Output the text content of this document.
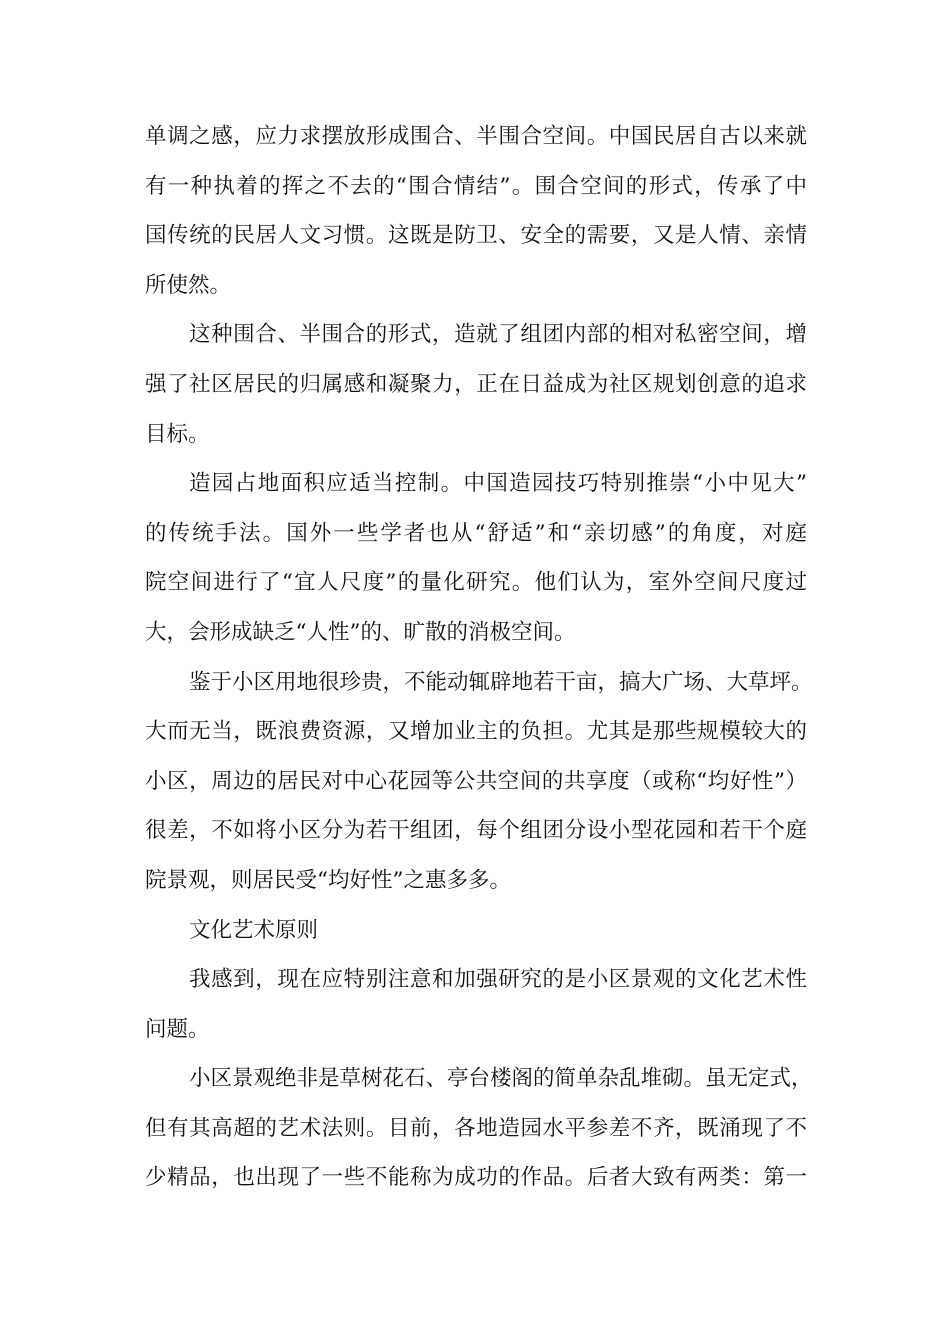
单调之感，应力求摆放形成围合、半围合空间。中国民居自古以来就
有一种执着的挥之不去的“围合情结”。围合空间的形式，传承了中
国传统的民居人文习惯。这既是防卫、安全的需要，又是人情、亲情
所使然。
这种围合、半围合的形式，造就了组团内部的相对私密空间，增
强了社区居民的归属感和凝聚力，正在日益成为社区规划创意的追求
目标。
造园占地面积应适当控制。中国造园技巧特别推崇“小中见大”
的传统手法。国外一些学者也从“舒适”和“亲切感”的角度，对庭
院空间进行了“宜人尺度”的量化研究。他们认为，室外空间尺度过
大，会形成缺乏“人性”的、旷散的消极空间。
鉴于小区用地很珍贵，不能动辄辟地若干亩，搞大广场、大草坪。
大而无当，既浪费资源，又增加业主的负担。尤其是那些规模较大的
小区，周边的居民对中心花园等公共空间的共享度（或称“均好性”）
很差，不如将小区分为若干组团，每个组团分设小型花园和若干个庭
院景观，则居民受“均好性”之惠多多。
文化艺术原则
我感到，现在应特别注意和加强研究的是小区景观的文化艺术性
问题。
小区景观绝非是草树花石、亭台楼阁的简单杂乱堆砌。虽无定式，
但有其高超的艺术法则。目前，各地造园水平参差不齐，既涌现了不
少精品，也出现了一些不能称为成功的作品。后者大致有两类：第一
